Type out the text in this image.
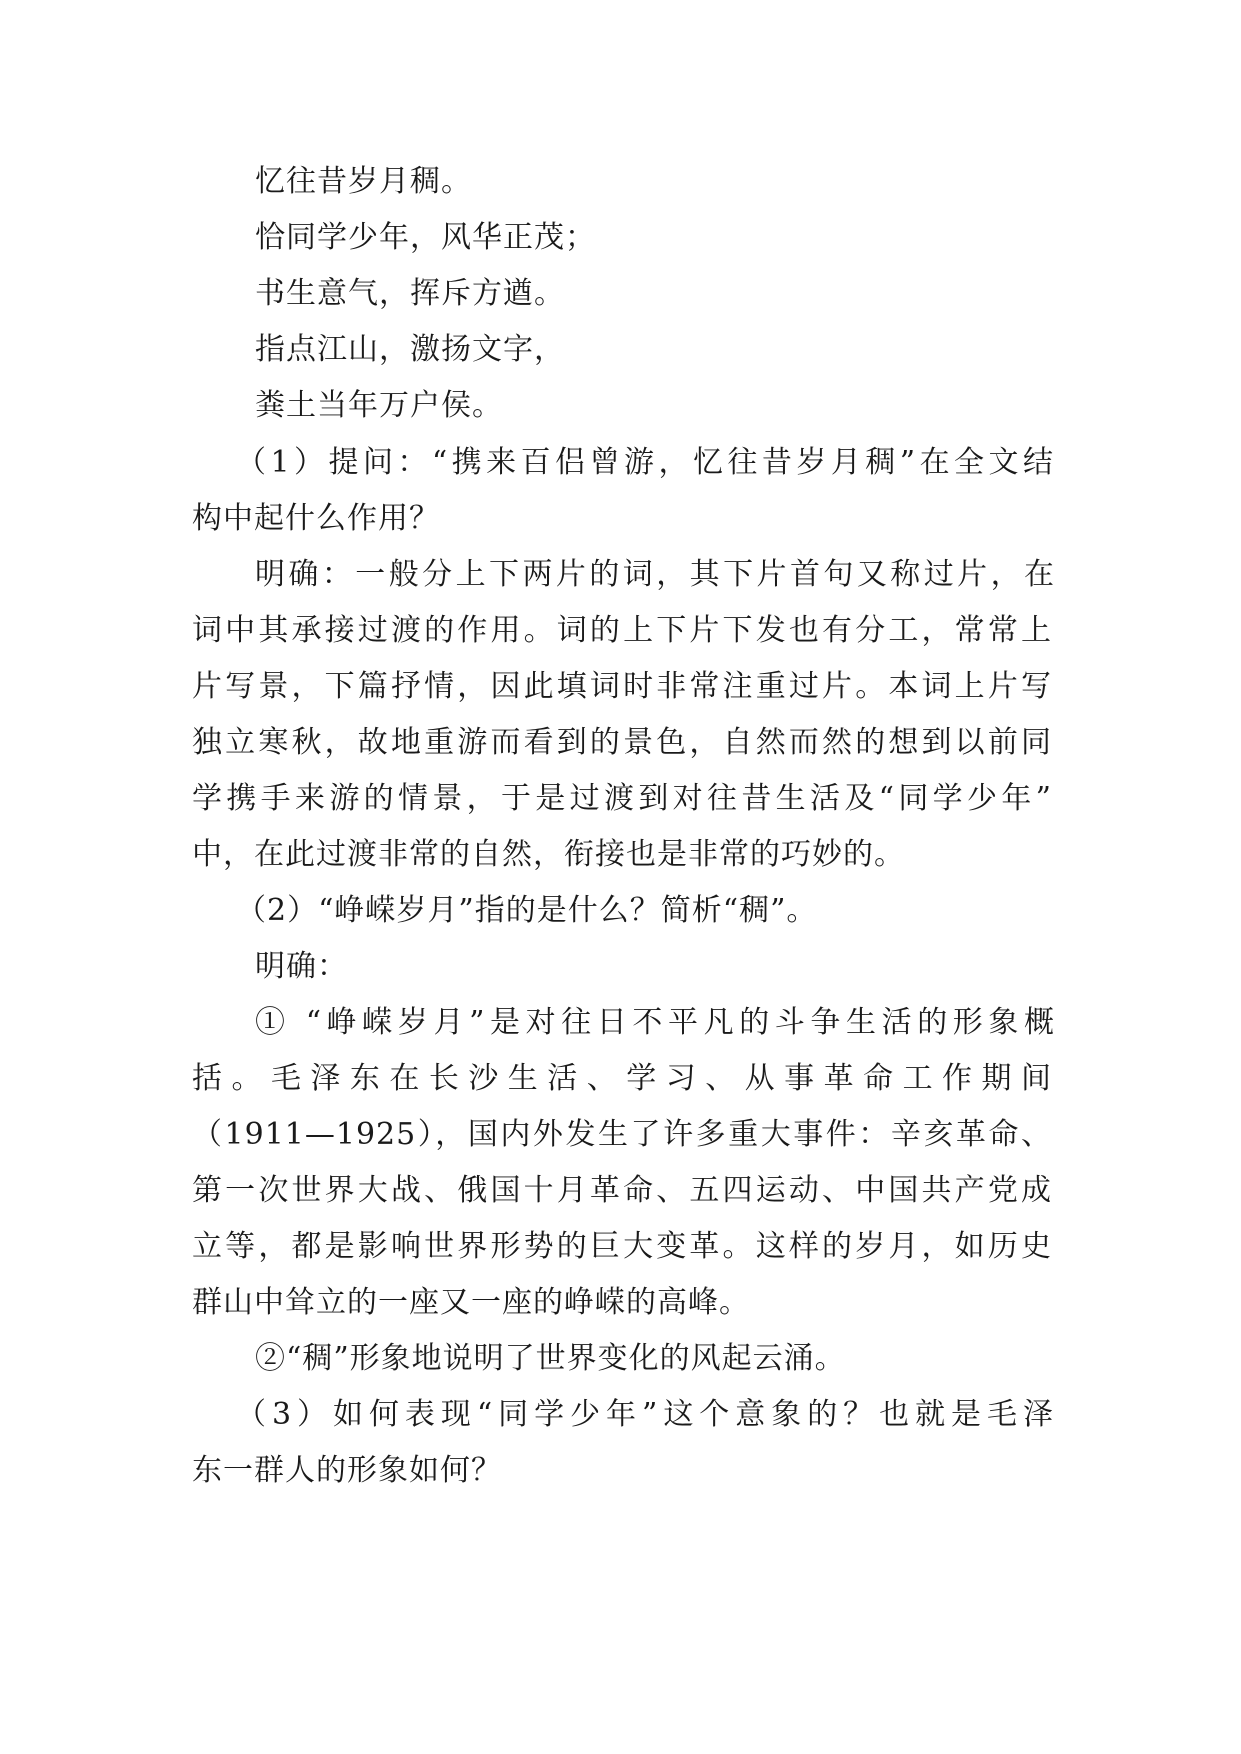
忆往昔岁月稠。
恰同学少年，风华正茂；
书生意气，挥斥方遒。
指点江山，激扬文字，
粪土当年万户侯。
（1）提问：“携来百侣曾游，忆往昔岁月稠”在全文结
构中起什么作用？
明确：一般分上下两片的词，其下片首句又称过片，在
词中其承接过渡的作用。词的上下片下发也有分工，常常上
片写景，下篇抒情，因此填词时非常注重过片。本词上片写
独立寒秋，故地重游而看到的景色，自然而然的想到以前同
学携手来游的情景，于是过渡到对往昔生活及“同学少年”
中，在此过渡非常的自然，衔接也是非常的巧妙的。
（2）“峥嵘岁月”指的是什么？简析“稠”。
明确：
① “峥嵘岁月”是对往日不平凡的斗争生活的形象概
括。毛泽东在长沙生活、学习、从事革命工作期间
（1911—1925），国内外发生了许多重大事件：辛亥革命、
第一次世界大战、俄国十月革命、五四运动、中国共产党成
立等，都是影响世界形势的巨大变革。这样的岁月，如历史
群山中耸立的一座又一座的峥嵘的高峰。
②“稠”形象地说明了世界变化的风起云涌。
（3）如何表现“同学少年”这个意象的？也就是毛泽
东一群人的形象如何？
